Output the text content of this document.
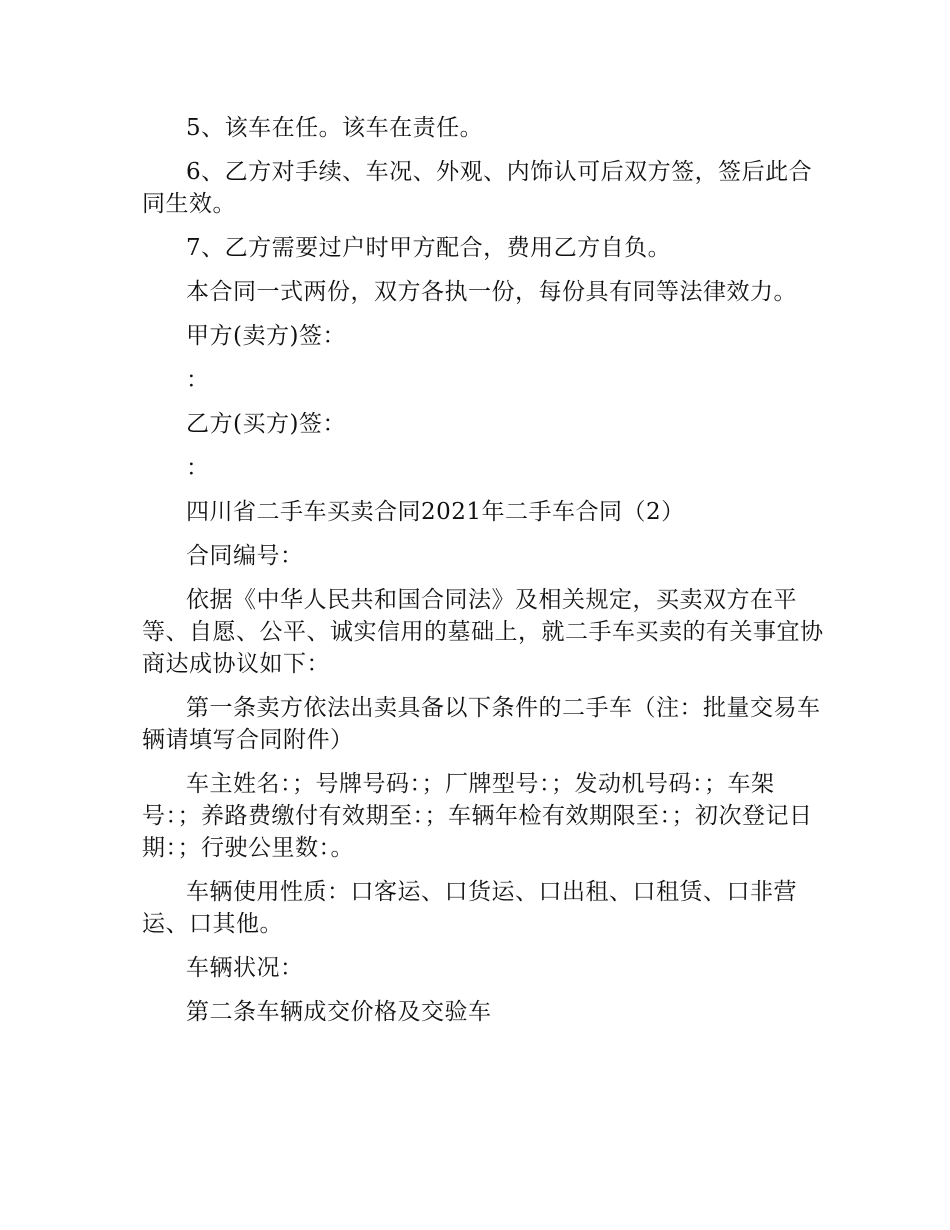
5、该车在任。该车在责任。

6、乙方对手续、车况、外观、内饰认可后双方签，签后此合同生效。

7、乙方需要过户时甲方配合，费用乙方自负。

本合同一式两份，双方各执一份，每份具有同等法律效力。

甲方(卖方)签：

：

乙方(买方)签：

：

四川省二手车买卖合同2021年二手车合同（2）

合同编号：

依据《中华人民共和国合同法》及相关规定，买卖双方在平等、自愿、公平、诚实信用的墓础上，就二手车买卖的有关事宜协商达成协议如下：

第一条卖方依法出卖具备以下条件的二手车（注：批量交易车辆请填写合同附件）

车主姓名：；号牌号码：；厂牌型号：；发动机号码：；车架号：；养路费缴付有效期至：；车辆年检有效期限至：；初次登记日期：；行驶公里数：。

车辆使用性质：口客运、口货运、口出租、口租赁、口非营运、口其他。

车辆状况：

第二条车辆成交价格及交验车
